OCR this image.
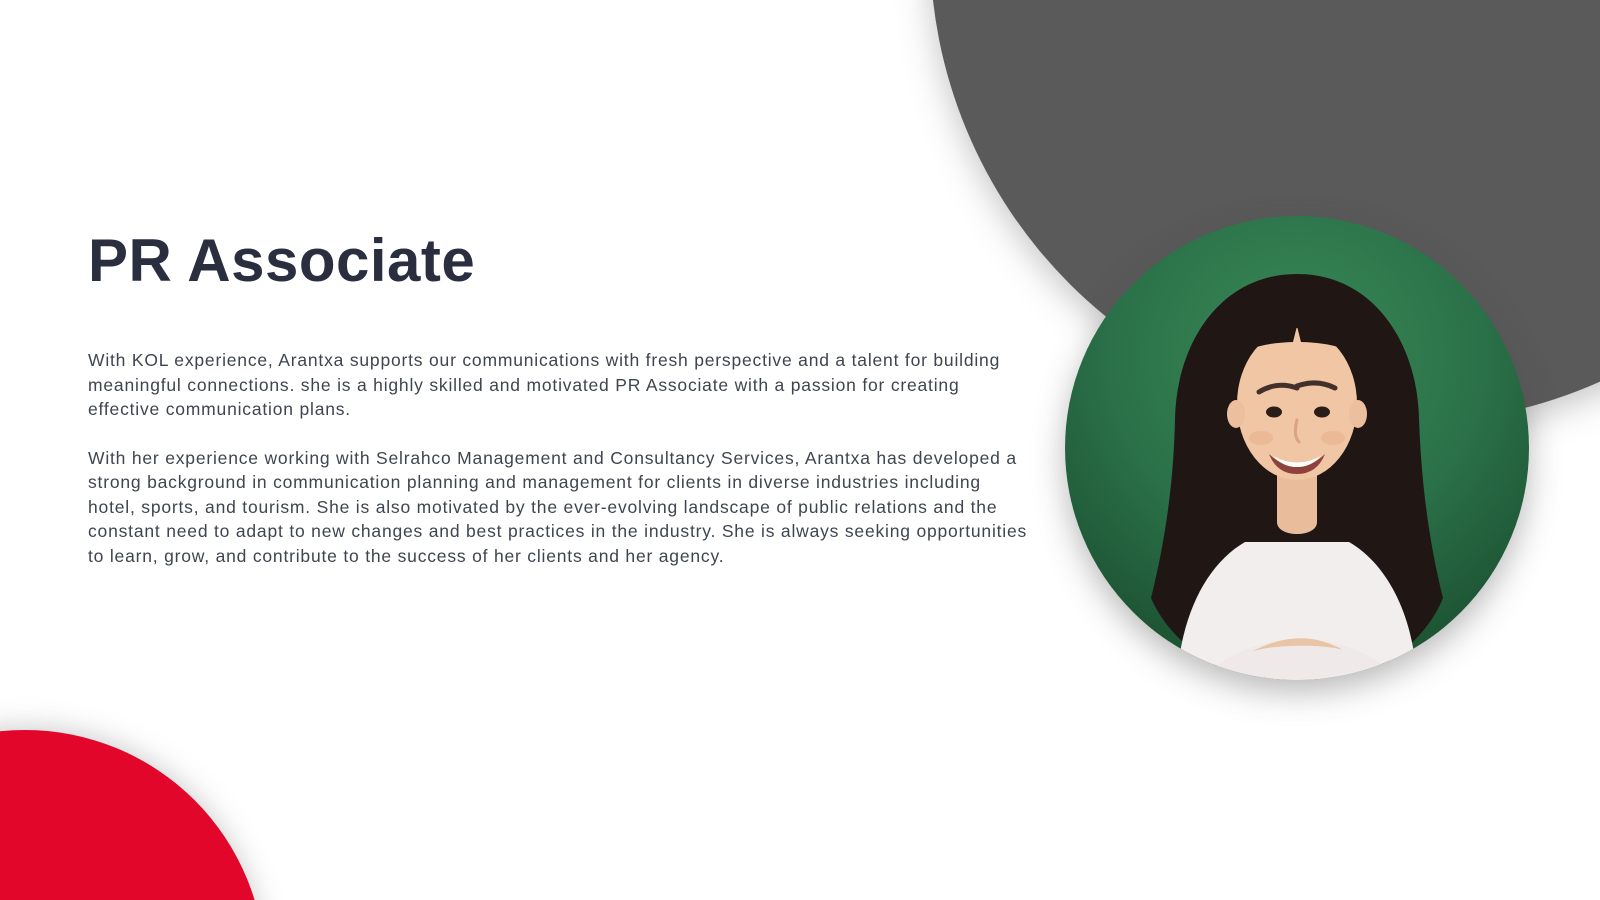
PR Associate

With KOL experience, Arantxa supports our communications with fresh perspective and a talent for building meaningful connections. she is a highly skilled and motivated PR Associate with a passion for creating effective communication plans.

With her experience working with Selrahco Management and Consultancy Services, Arantxa has developed a strong background in communication planning and management for clients in diverse industries including hotel, sports, and tourism. She is also motivated by the ever-evolving landscape of public relations and the constant need to adapt to new changes and best practices in the industry. She is always seeking opportunities to learn, grow, and contribute to the success of her clients and her agency.
